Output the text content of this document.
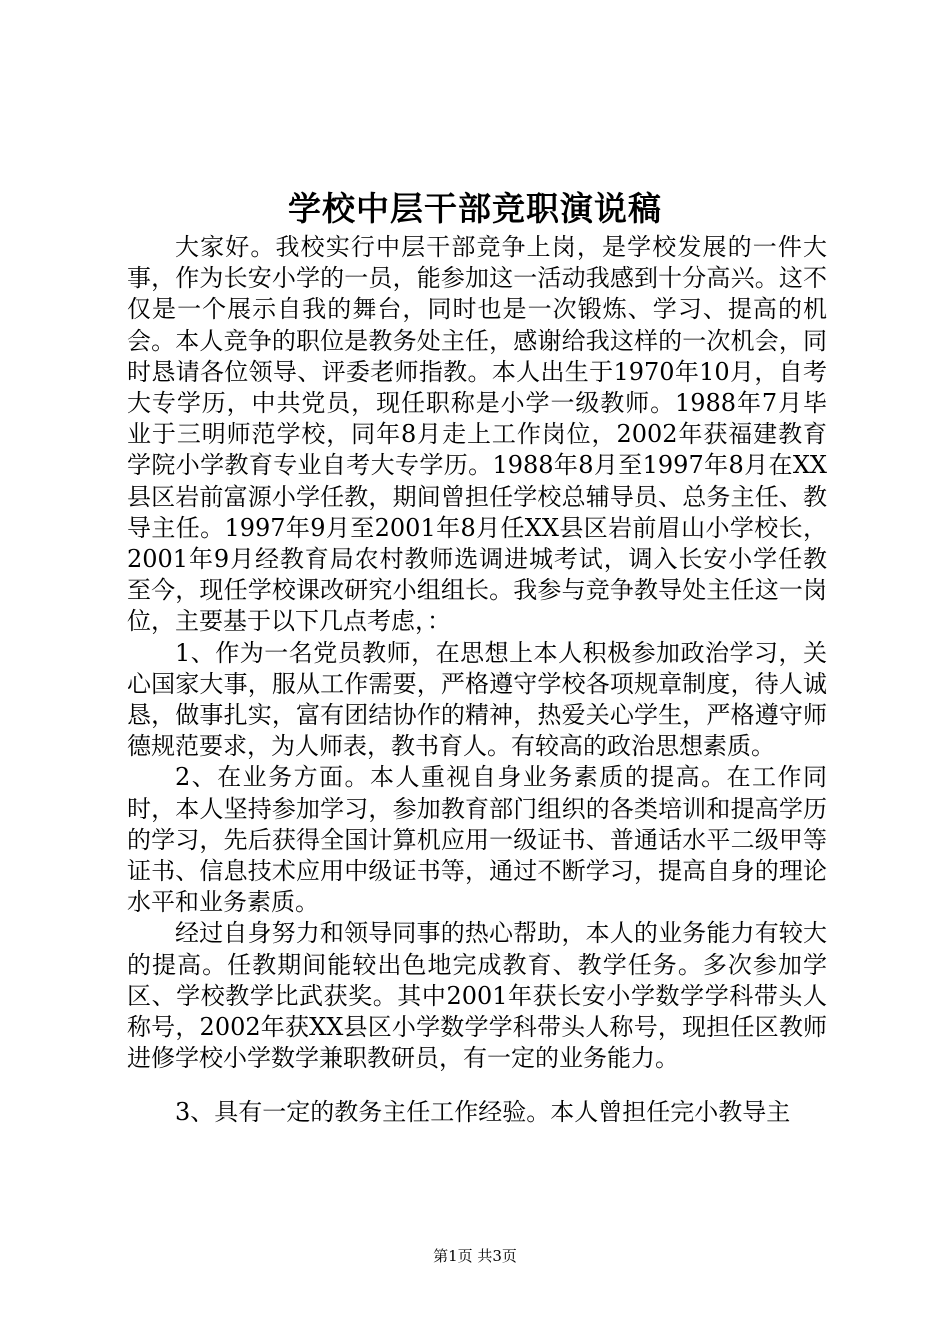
学校中层干部竞职演说稿

大家好。我校实行中层干部竞争上岗，是学校发展的一件大事，作为长安小学的一员，能参加这一活动我感到十分高兴。这不仅是一个展示自我的舞台，同时也是一次锻炼、学习、提高的机会。本人竞争的职位是教务处主任，感谢给我这样的一次机会，同时恳请各位领导、评委老师指教。本人出生于1970年10月，自考大专学历，中共党员，现任职称是小学一级教师。1988年7月毕业于三明师范学校，同年8月走上工作岗位，2002年获福建教育学院小学教育专业自考大专学历。1988年8月至1997年8月在XX县区岩前富源小学任教，期间曾担任学校总辅导员、总务主任、教导主任。1997年9月至2001年8月任XX县区岩前眉山小学校长，2001年9月经教育局农村教师选调进城考试，调入长安小学任教至今，现任学校课改研究小组组长。我参与竞争教导处主任这一岗位，主要基于以下几点考虑，：

1、作为一名党员教师，在思想上本人积极参加政治学习，关心国家大事，服从工作需要，严格遵守学校各项规章制度，待人诚恳，做事扎实，富有团结协作的精神，热爱关心学生，严格遵守师德规范要求，为人师表，教书育人。有较高的政治思想素质。

2、在业务方面。本人重视自身业务素质的提高。在工作同时，本人坚持参加学习，参加教育部门组织的各类培训和提高学历的学习，先后获得全国计算机应用一级证书、普通话水平二级甲等证书、信息技术应用中级证书等，通过不断学习，提高自身的理论水平和业务素质。

经过自身努力和领导同事的热心帮助，本人的业务能力有较大的提高。任教期间能较出色地完成教育、教学任务。多次参加学区、学校教学比武获奖。其中2001年获长安小学数学学科带头人称号，2002年获XX县区小学数学学科带头人称号，现担任区教师进修学校小学数学兼职教研员，有一定的业务能力。

3、具有一定的教务主任工作经验。本人曾担任完小教导主

第1页 共3页
